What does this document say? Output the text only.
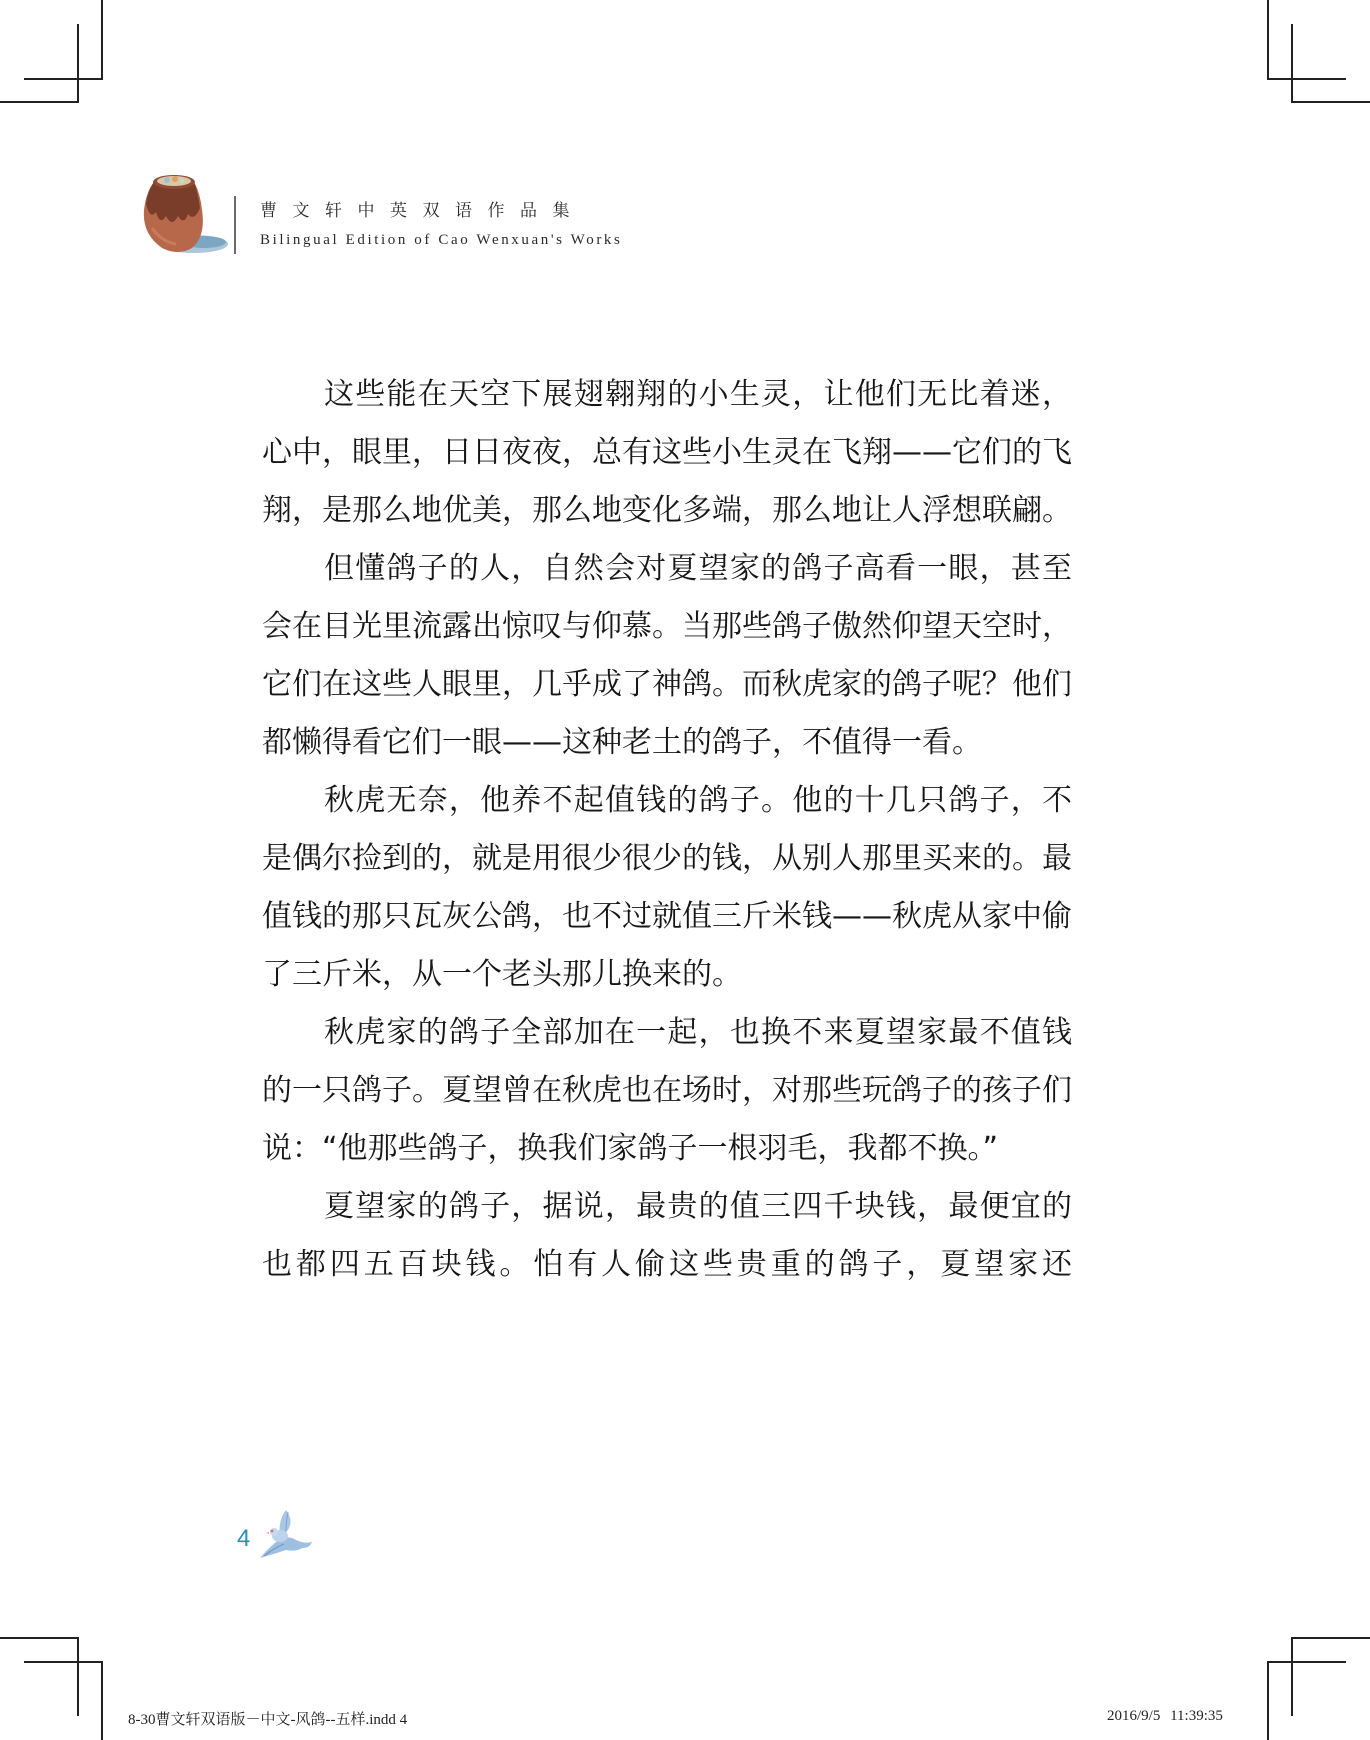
曹文轩中英双语作品集
Bilingual Edition of Cao Wenxuan's Works

这些能在天空下展翅翱翔的小生灵，让他们无比着迷，心中，眼里，日日夜夜，总有这些小生灵在飞翔——它们的飞翔，是那么地优美，那么地变化多端，那么地让人浮想联翩。

但懂鸽子的人，自然会对夏望家的鸽子高看一眼，甚至会在目光里流露出惊叹与仰慕。当那些鸽子傲然仰望天空时，它们在这些人眼里，几乎成了神鸽。而秋虎家的鸽子呢？他们都懒得看它们一眼——这种老土的鸽子，不值得一看。

秋虎无奈，他养不起值钱的鸽子。他的十几只鸽子，不是偶尔捡到的，就是用很少很少的钱，从别人那里买来的。最值钱的那只瓦灰公鸽，也不过就值三斤米钱——秋虎从家中偷了三斤米，从一个老头那儿换来的。

秋虎家的鸽子全部加在一起，也换不来夏望家最不值钱的一只鸽子。夏望曾在秋虎也在场时，对那些玩鸽子的孩子们说：“他那些鸽子，换我们家鸽子一根羽毛，我都不换。”

夏望家的鸽子，据说，最贵的值三四千块钱，最便宜的也都四五百块钱。怕有人偷这些贵重的鸽子，夏望家还

4
8-30曹文轩双语版－中文-风鸽--五样.indd 4	2016/9/5 11:39:35
